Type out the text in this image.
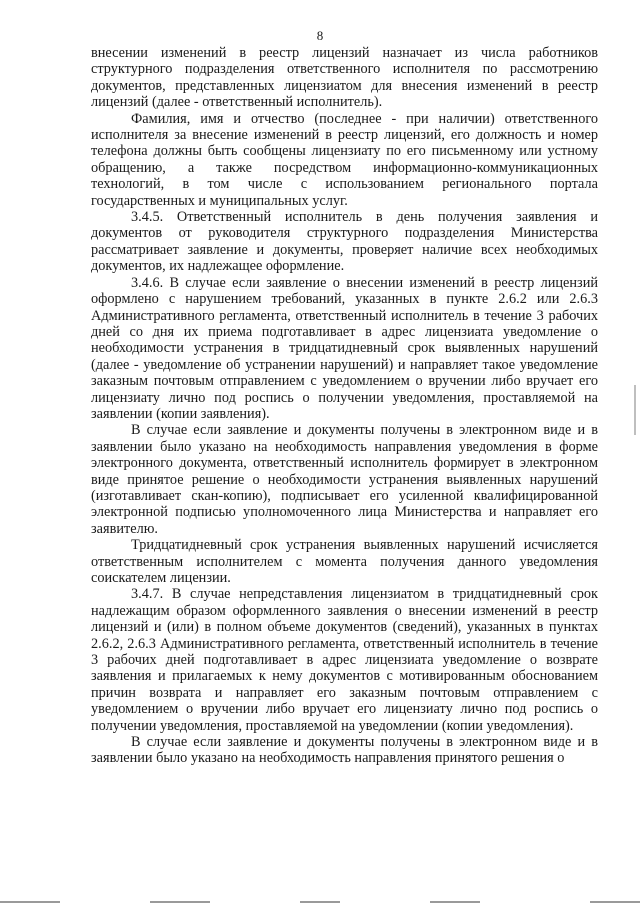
8

внесении изменений в реестр лицензий назначает из числа работников структурного подразделения ответственного исполнителя по рассмотрению документов, представленных лицензиатом для внесения изменений в реестр лицензий (далее - ответственный исполнитель).

Фамилия, имя и отчество (последнее - при наличии) ответственного исполнителя за внесение изменений в реестр лицензий, его должность и номер телефона должны быть сообщены лицензиату по его письменному или устному обращению, а также посредством информационно-коммуникационных технологий, в том числе с использованием регионального портала государственных и муниципальных услуг.

3.4.5. Ответственный исполнитель в день получения заявления и документов от руководителя структурного подразделения Министерства рассматривает заявление и документы, проверяет наличие всех необходимых документов, их надлежащее оформление.

3.4.6. В случае если заявление о внесении изменений в реестр лицензий оформлено с нарушением требований, указанных в пункте 2.6.2 или 2.6.3 Административного регламента, ответственный исполнитель в течение 3 рабочих дней со дня их приема подготавливает в адрес лицензиата уведомление о необходимости устранения в тридцатидневный срок выявленных нарушений (далее - уведомление об устранении нарушений) и направляет такое уведомление заказным почтовым отправлением с уведомлением о вручении либо вручает его лицензиату лично под роспись о получении уведомления, проставляемой на заявлении (копии заявления).

В случае если заявление и документы получены в электронном виде и в заявлении было указано на необходимость направления уведомления в форме электронного документа, ответственный исполнитель формирует в электронном виде принятое решение о необходимости устранения выявленных нарушений (изготавливает скан-копию), подписывает его усиленной квалифицированной электронной подписью уполномоченного лица Министерства и направляет его заявителю.

Тридцатидневный срок устранения выявленных нарушений исчисляется ответственным исполнителем с момента получения данного уведомления соискателем лицензии.

3.4.7. В случае непредставления лицензиатом в тридцатидневный срок надлежащим образом оформленного заявления о внесении изменений в реестр лицензий и (или) в полном объеме документов (сведений), указанных в пунктах 2.6.2, 2.6.3 Административного регламента, ответственный исполнитель в течение 3 рабочих дней подготавливает в адрес лицензиата уведомление о возврате заявления и прилагаемых к нему документов с мотивированным обоснованием причин возврата и направляет его заказным почтовым отправлением с уведомлением о вручении либо вручает его лицензиату лично под роспись о получении уведомления, проставляемой на уведомлении (копии уведомления).

В случае если заявление и документы получены в электронном виде и в заявлении было указано на необходимость направления принятого решения о
